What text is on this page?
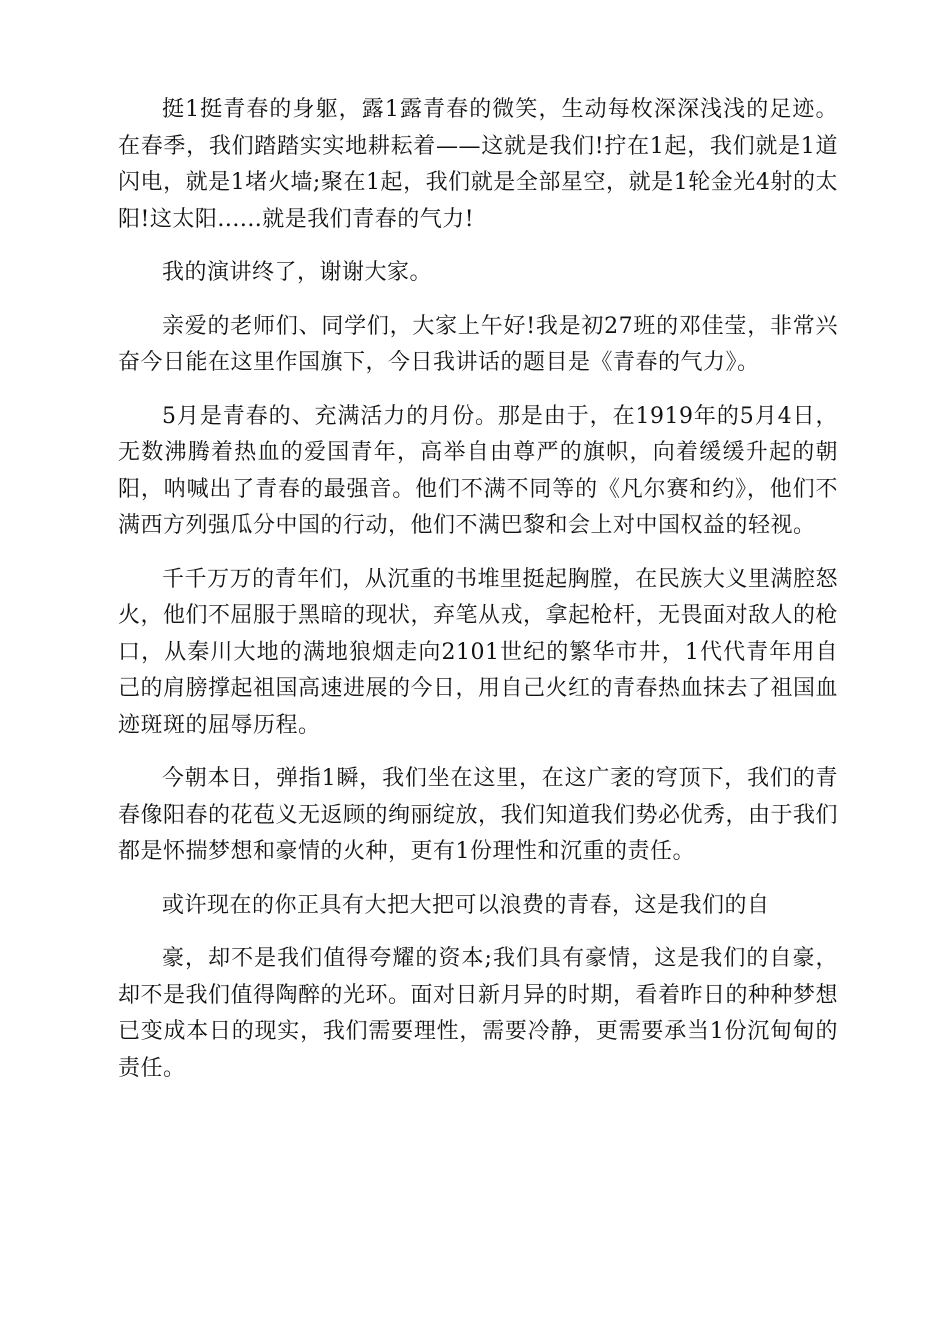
挺1挺青春的身躯，露1露青春的微笑，生动每枚深深浅浅的足迹。在春季，我们踏踏实实地耕耘着——这就是我们!拧在1起，我们就是1道闪电，就是1堵火墙;聚在1起，我们就是全部星空，就是1轮金光4射的太阳!这太阳......就是我们青春的气力!

我的演讲终了，谢谢大家。

亲爱的老师们、同学们，大家上午好!我是初27班的邓佳莹，非常兴奋今日能在这里作国旗下，今日我讲话的题目是《青春的气力》。

5月是青春的、充满活力的月份。那是由于，在1919年的5月4日，无数沸腾着热血的爱国青年，高举自由尊严的旗帜，向着缓缓升起的朝阳，呐喊出了青春的最强音。他们不满不同等的《凡尔赛和约》，他们不满西方列强瓜分中国的行动，他们不满巴黎和会上对中国权益的轻视。

千千万万的青年们，从沉重的书堆里挺起胸膛，在民族大义里满腔怒火，他们不屈服于黑暗的现状，弃笔从戎，拿起枪杆，无畏面对敌人的枪口，从秦川大地的满地狼烟走向2101世纪的繁华市井，1代代青年用自己的肩膀撑起祖国高速进展的今日，用自己火红的青春热血抹去了祖国血迹斑斑的屈辱历程。

今朝本日，弹指1瞬，我们坐在这里，在这广袤的穹顶下，我们的青春像阳春的花苞义无返顾的绚丽绽放，我们知道我们势必优秀，由于我们都是怀揣梦想和豪情的火种，更有1份理性和沉重的责任。

或许现在的你正具有大把大把可以浪费的青春，这是我们的自

豪，却不是我们值得夸耀的资本;我们具有豪情，这是我们的自豪，却不是我们值得陶醉的光环。面对日新月异的时期，看着昨日的种种梦想已变成本日的现实，我们需要理性，需要冷静，更需要承当1份沉甸甸的责任。
